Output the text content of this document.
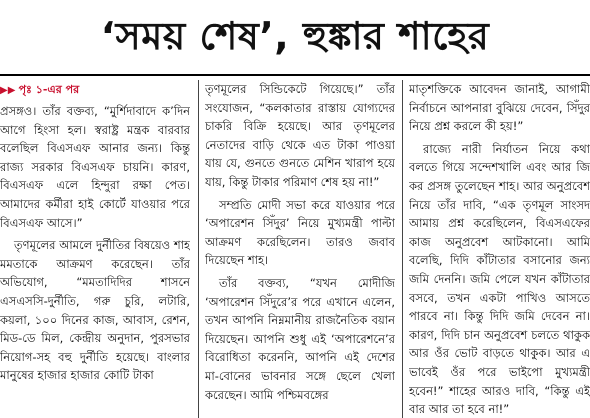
‘সময় শেষ’, হুঙ্কার শাহের

▶▶ পৃঃ ১-এর পর

প্রসঙ্গও। তাঁর বক্তব্য, “মুর্শিদাবাদে ক’দিন আগে হিংসা হল। স্বরাষ্ট্র মন্ত্রক বারবার বলেছিল বিএসএফ আনার জন্য। কিন্তু রাজ্য সরকার বিএসএফ চায়নি। কারণ, বিএসএফ এলে হিন্দুরা রক্ষা পেত। আমাদের কর্মীরা হাই কোর্টে যাওয়ার পরে বিএসএফ আসে।”

তৃণমূলের আমলে দুর্নীতির বিষয়েও শাহ মমতাকে আক্রমণ করেছেন। তাঁর অভিযোগ, “মমতাদিদির শাসনে এসএসসি-দুর্নীতি, গরু চুরি, লটারি, কয়লা, ১০০ দিনের কাজ, আবাস, রেশন, মিড-ডে মিল, কেন্দ্রীয় অনুদান, পুরসভার নিয়োগ-সহ বহু দুর্নীতি হয়েছে। বাংলার মানুষের হাজার হাজার কোটি টাকা

তৃণমূলের সিন্ডিকেটে গিয়েছে।” তাঁর সংযোজন, “কলকাতার রাস্তায় যোগ্যদের চাকরি বিক্রি হয়েছে। আর তৃণমূলের নেতাদের বাড়ি থেকে এত টাকা পাওয়া যায় যে, গুনতে গুনতে মেশিন খারাপ হয়ে যায়, কিন্তু টাকার পরিমাণ শেষ হয় না!”

সম্প্রতি মোদী সভা করে যাওয়ার পরে ‘অপারেশন সিঁদুর’ নিয়ে মুখ্যমন্ত্রী পাল্টা আক্রমণ করেছিলেন। তারও জবাব দিয়েছেন শাহ।

তাঁর বক্তব্য, “যখন মোদীজি ‘অপারেশন সিঁদুরে’র পরে এখানে এলেন, তখন আপনি নিম্নমানীয় রাজনৈতিক বয়ান দিয়েছেন। আপনি শুধু এই ‘অপারেশনে’র বিরোধিতা করেননি, আপনি এই দেশের মা-বোনের ভাবনার সঙ্গে ছেলে খেলা করেছেন। আমি পশ্চিমবঙ্গের

মাতৃশক্তিকে আবেদন জানাই, আগামী নির্বাচনে আপনারা বুঝিয়ে দেবেন, সিঁদুর নিয়ে প্রশ্ন করলে কী হয়!”

রাজ্যে নারী নির্যাতন নিয়ে কথা বলতে গিয়ে সন্দেশখালি এবং আর জি কর প্রসঙ্গ তুলেছেন শাহ। আর অনুপ্রবেশ নিয়ে তাঁর দাবি, “এক তৃণমূল সাংসদ আমায় প্রশ্ন করেছিলেন, বিএসএফের কাজ অনুপ্রবেশ আটকানো। আমি বলেছি, দিদি কাঁটাতার বসানোর জন্য জমি দেননি। জমি পেলে যখন কাঁটাতার বসবে, তখন একটা পাখিও আসতে পারবে না। কিন্তু দিদি জমি দেবেন না। কারণ, দিদি চান অনুপ্রবেশ চলতে থাকুক আর ওঁর ভোট বাড়তে থাকুক। আর এ ভাবেই ওঁর পরে ভাইপো মুখ্যমন্ত্রী হবেন!” শাহের আরও দাবি, “কিন্তু এই বার আর তা হবে না!”
